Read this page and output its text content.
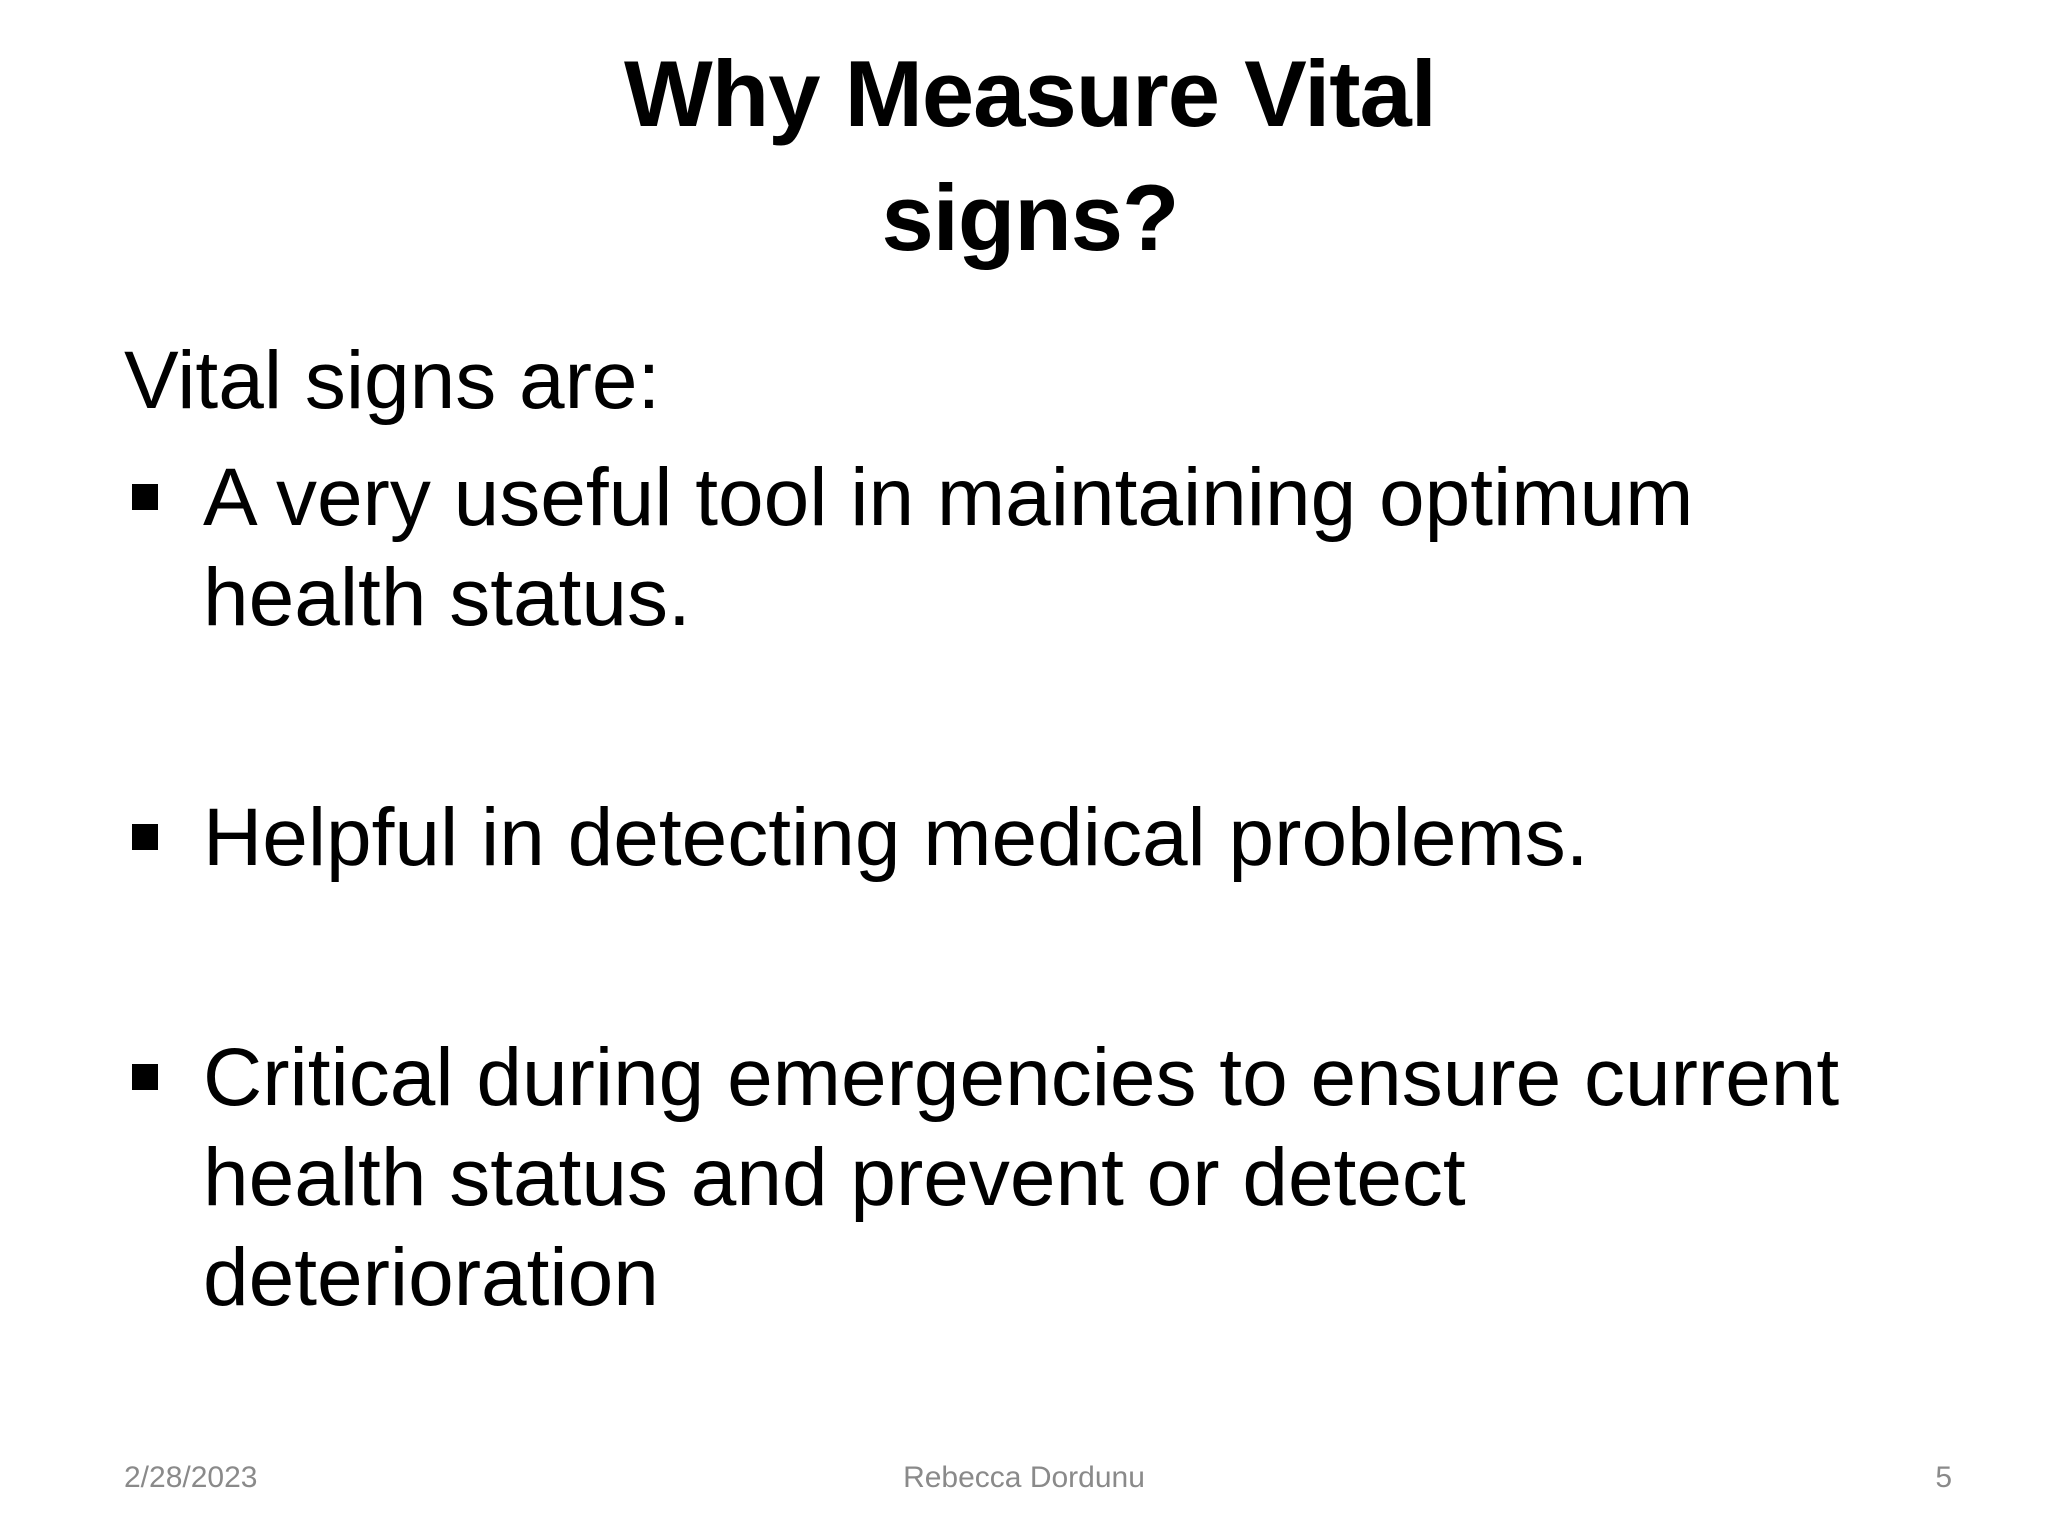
Why Measure Vital
signs?

Vital signs are:

A very useful tool in maintaining optimum
health status.
Helpful in detecting medical problems.
Critical during emergencies to ensure current
health status and prevent or detect
deterioration
2/28/2023	Rebecca Dordunu	5
